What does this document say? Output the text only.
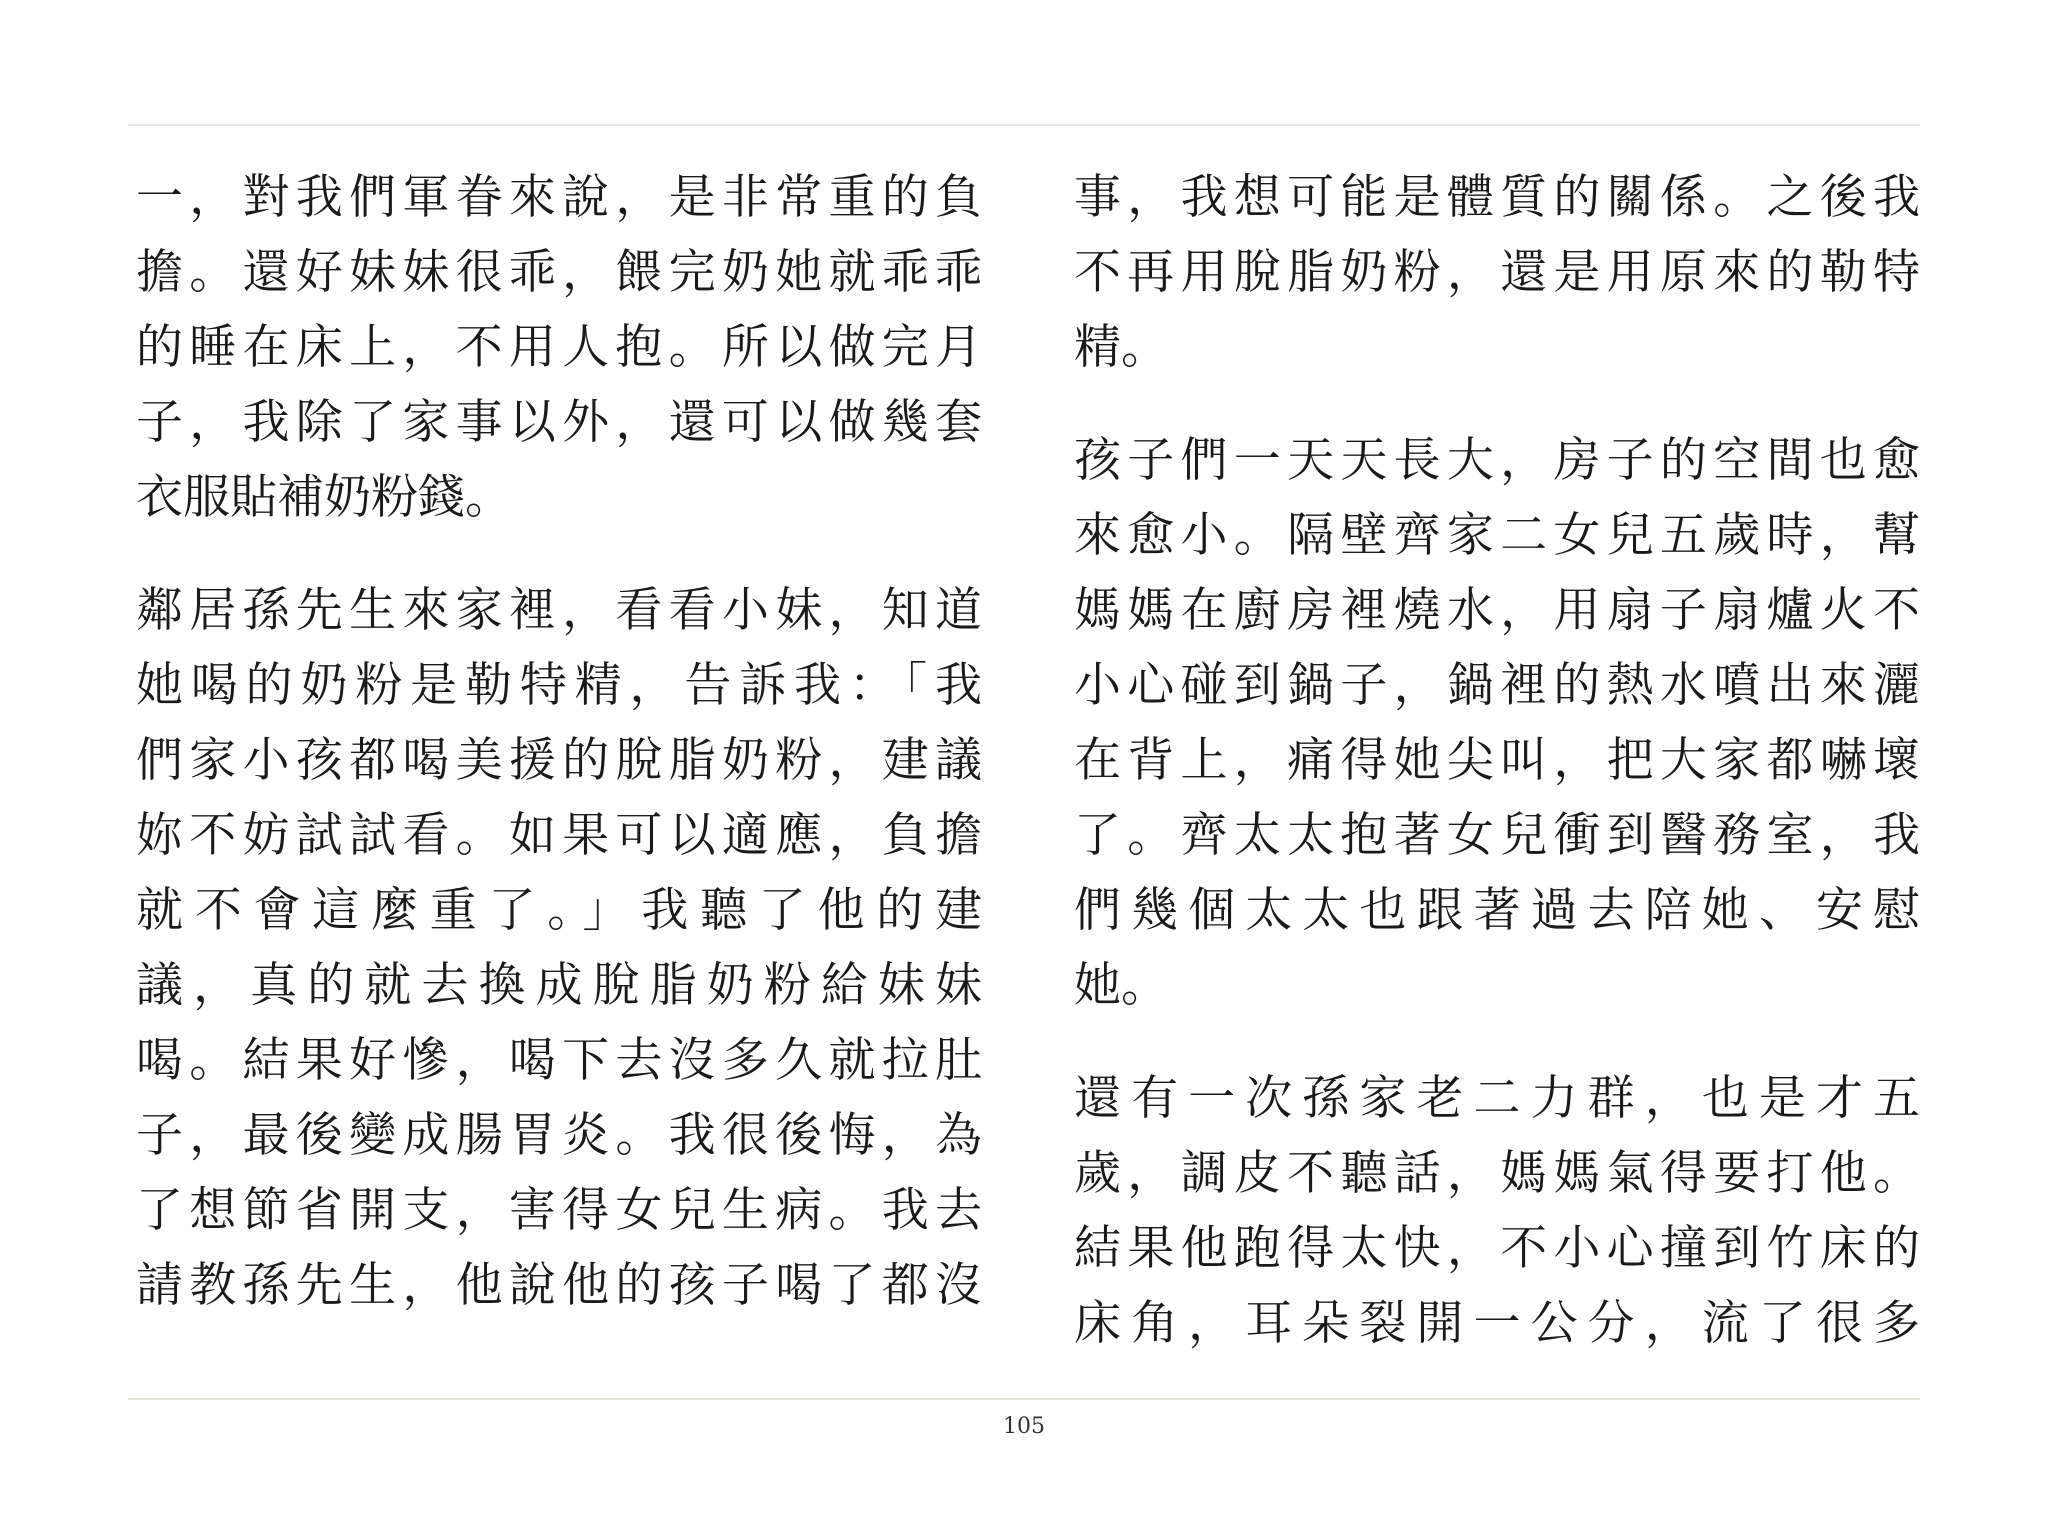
一，對我們軍眷來說，是非常重的負
擔。還好妹妹很乖，餵完奶她就乖乖
的睡在床上，不用人抱。所以做完月
子，我除了家事以外，還可以做幾套
衣服貼補奶粉錢。
鄰居孫先生來家裡，看看小妹，知道
她喝的奶粉是勒特精，告訴我：「我
們家小孩都喝美援的脫脂奶粉，建議
妳不妨試試看。如果可以適應，負擔
就不會這麼重了。」我聽了他的建
議，真的就去換成脫脂奶粉給妹妹
喝。結果好慘，喝下去沒多久就拉肚
子，最後變成腸胃炎。我很後悔，為
了想節省開支，害得女兒生病。我去
請教孫先生，他說他的孩子喝了都沒
事，我想可能是體質的關係。之後我
不再用脫脂奶粉，還是用原來的勒特
精。
孩子們一天天長大，房子的空間也愈
來愈小。隔壁齊家二女兒五歲時，幫
媽媽在廚房裡燒水，用扇子扇爐火不
小心碰到鍋子，鍋裡的熱水噴出來灑
在背上，痛得她尖叫，把大家都嚇壞
了。齊太太抱著女兒衝到醫務室，我
們幾個太太也跟著過去陪她、安慰
她。
還有一次孫家老二力群，也是才五
歲，調皮不聽話，媽媽氣得要打他。
結果他跑得太快，不小心撞到竹床的
床角，耳朵裂開一公分，流了很多
105
